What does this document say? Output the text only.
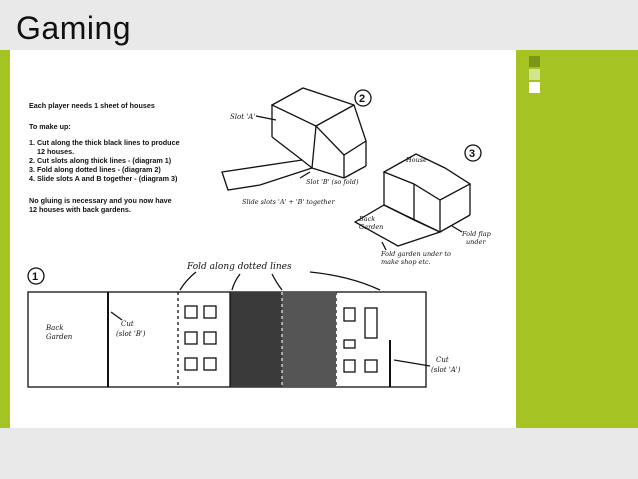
Gaming
Each player needs 1 sheet of houses
To make up:
1. Cut along the thick black lines to produce
12 houses.
2. Cut slots along thick lines - (diagram 1)
3. Fold along dotted lines - (diagram 2)
4. Slide slots A and B together - (diagram 3)
No gluing is necessary and you now have
12 houses with back gardens.
2
Slot 'A'
Slot 'B' (so fold)
Slide slots 'A' + 'B' together
3
House
Back
Garden
Fold flap
under
Fold garden under to
make shop etc.
1
Fold along dotted lines
Back
Garden
Cut
(slot 'B')
Cut
(slot 'A')
